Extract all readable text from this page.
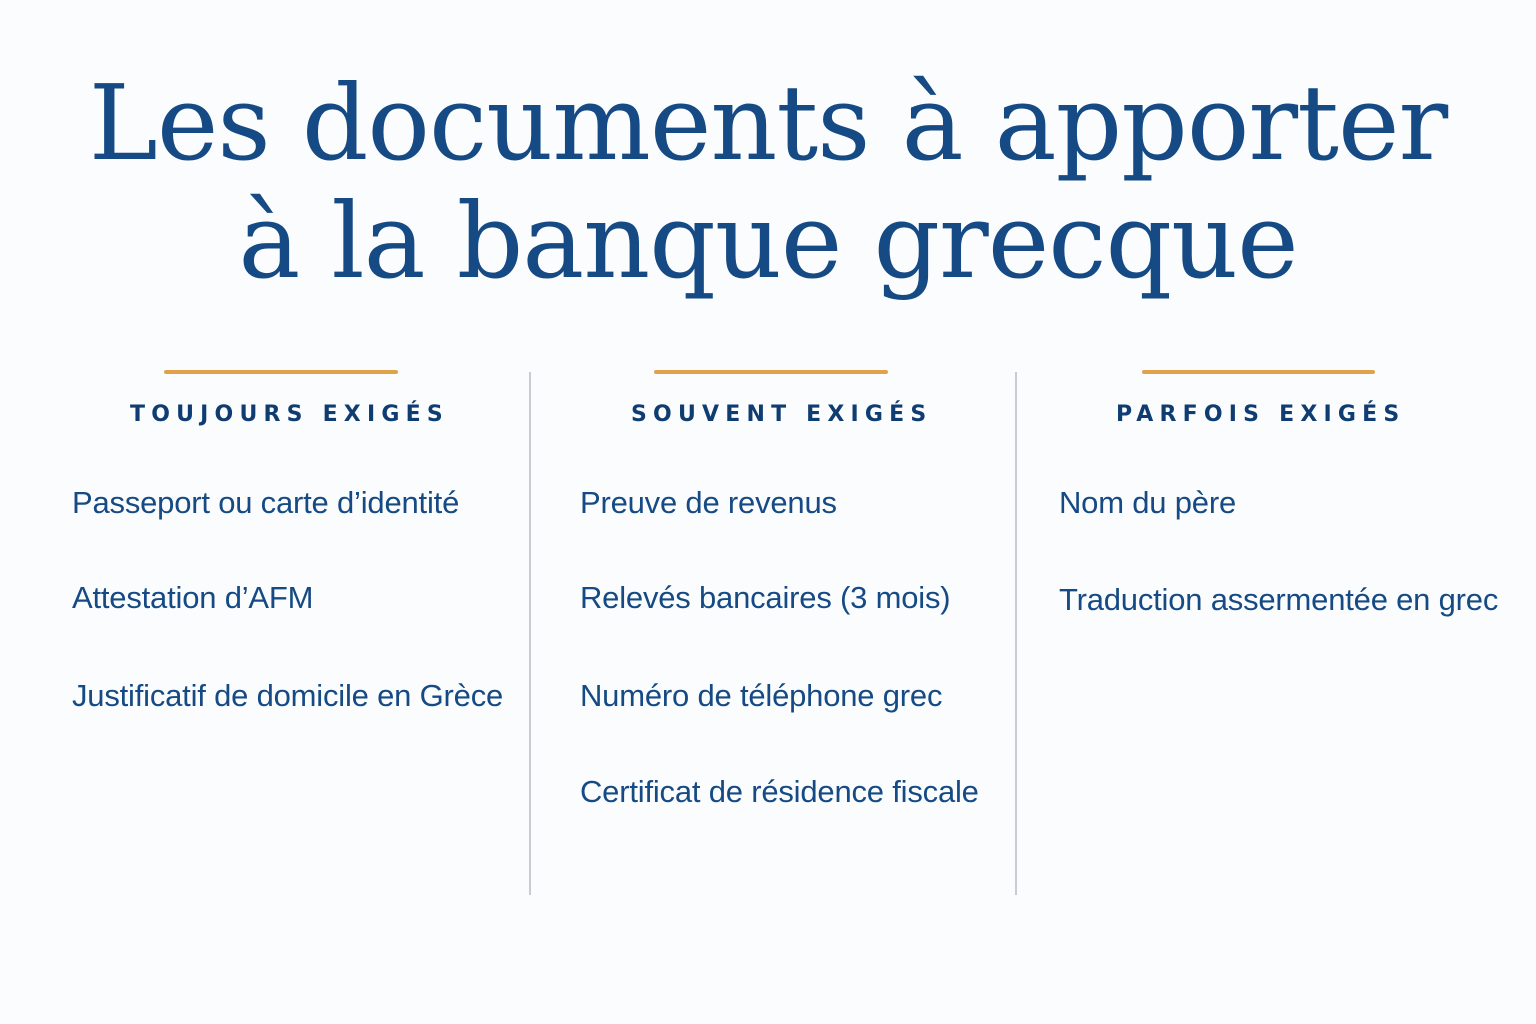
Les documents à apporter
à la banque grecque
TOUJOURS EXIGÉS
Passeport ou carte d’identité
Attestation d’AFM
Justificatif de domicile en Grèce
SOUVENT EXIGÉS
Preuve de revenus
Relevés bancaires (3 mois)
Numéro de téléphone grec
Certificat de résidence fiscale
PARFOIS EXIGÉS
Nom du père
Traduction assermentée en grec
